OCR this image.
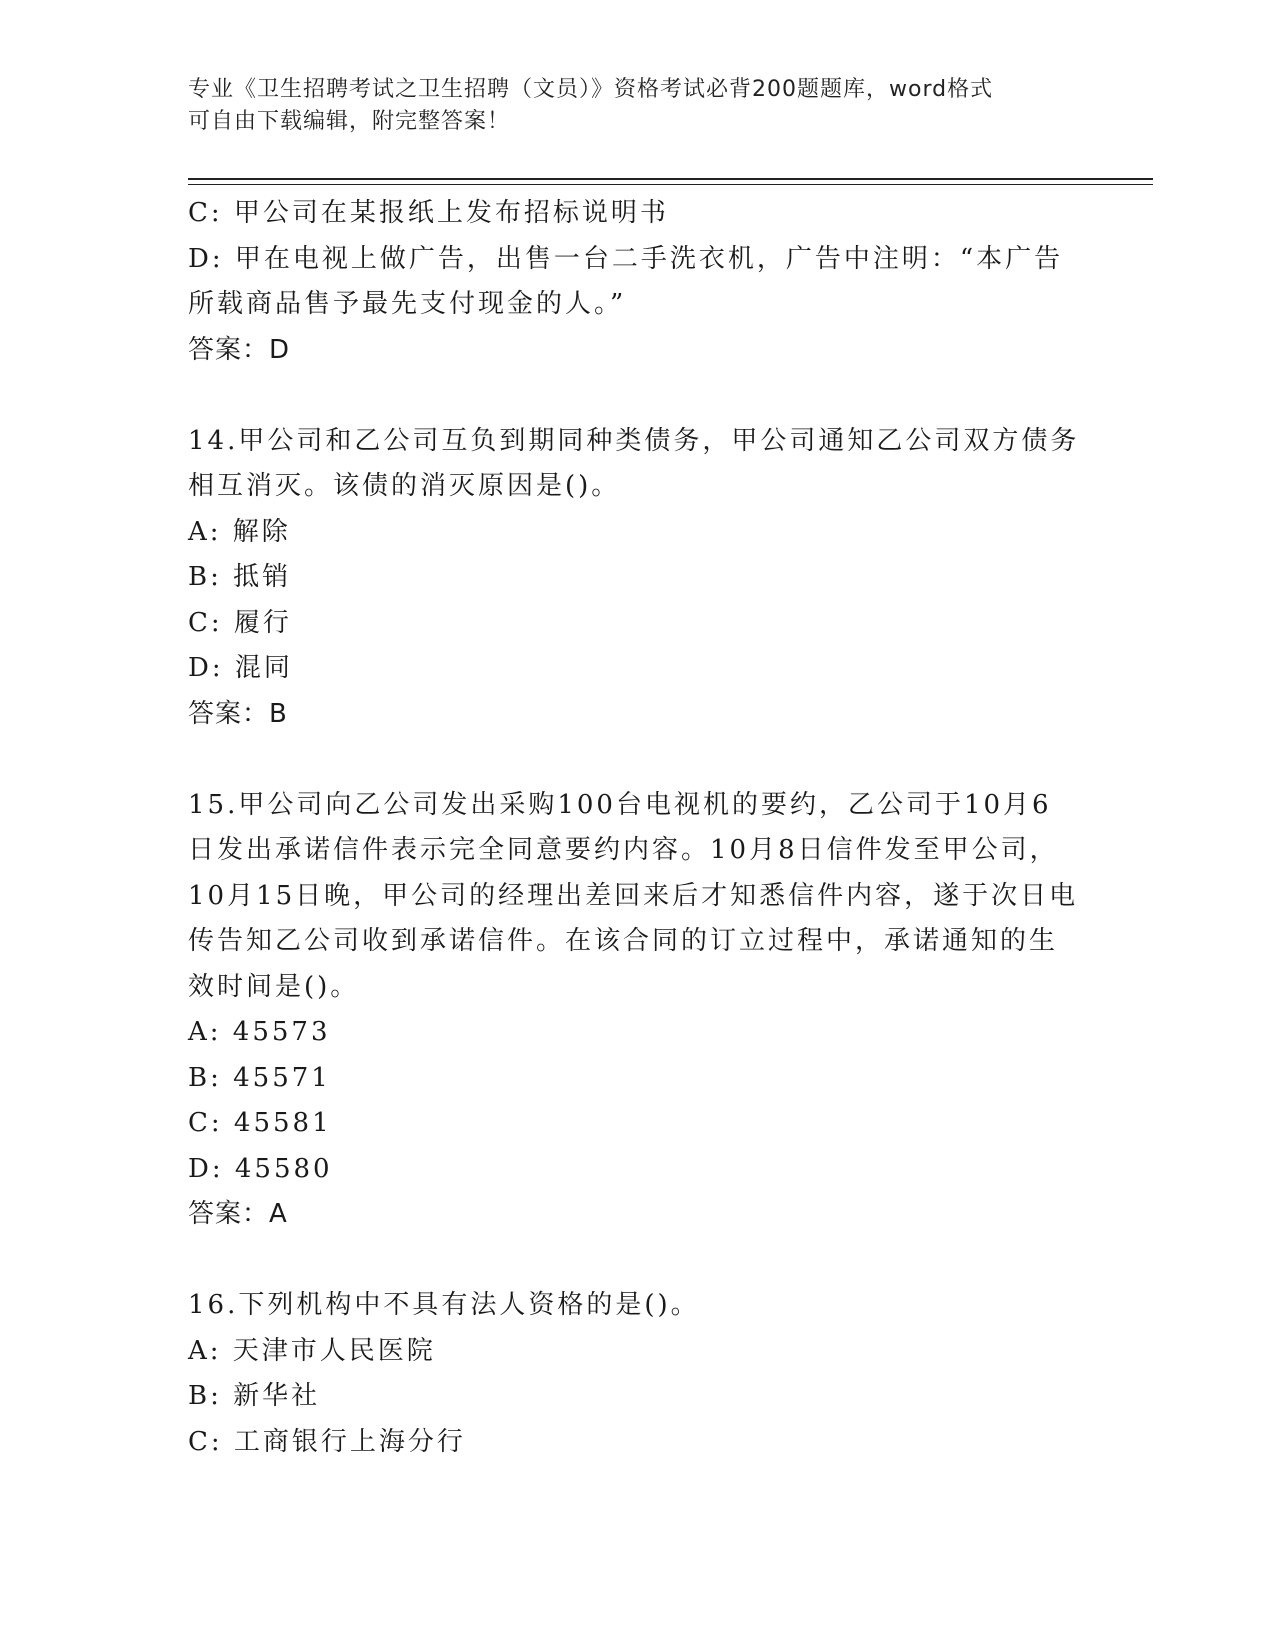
专业《卫生招聘考试之卫生招聘（文员）》资格考试必背200题题库，word格式
可自由下载编辑，附完整答案！
C: 甲公司在某报纸上发布招标说明书
D: 甲在电视上做广告，出售一台二手洗衣机，广告中注明：“本广告
所载商品售予最先支付现金的人。”
答案：D
14.甲公司和乙公司互负到期同种类债务，甲公司通知乙公司双方债务
相互消灭。该债的消灭原因是()。
A: 解除
B: 抵销
C: 履行
D: 混同
答案：B
15.甲公司向乙公司发出采购100台电视机的要约，乙公司于10月6
日发出承诺信件表示完全同意要约内容。10月8日信件发至甲公司，
10月15日晚，甲公司的经理出差回来后才知悉信件内容，遂于次日电
传告知乙公司收到承诺信件。在该合同的订立过程中，承诺通知的生
效时间是()。
A: 45573
B: 45571
C: 45581
D: 45580
答案：A
16.下列机构中不具有法人资格的是()。
A: 天津市人民医院
B: 新华社
C: 工商银行上海分行
